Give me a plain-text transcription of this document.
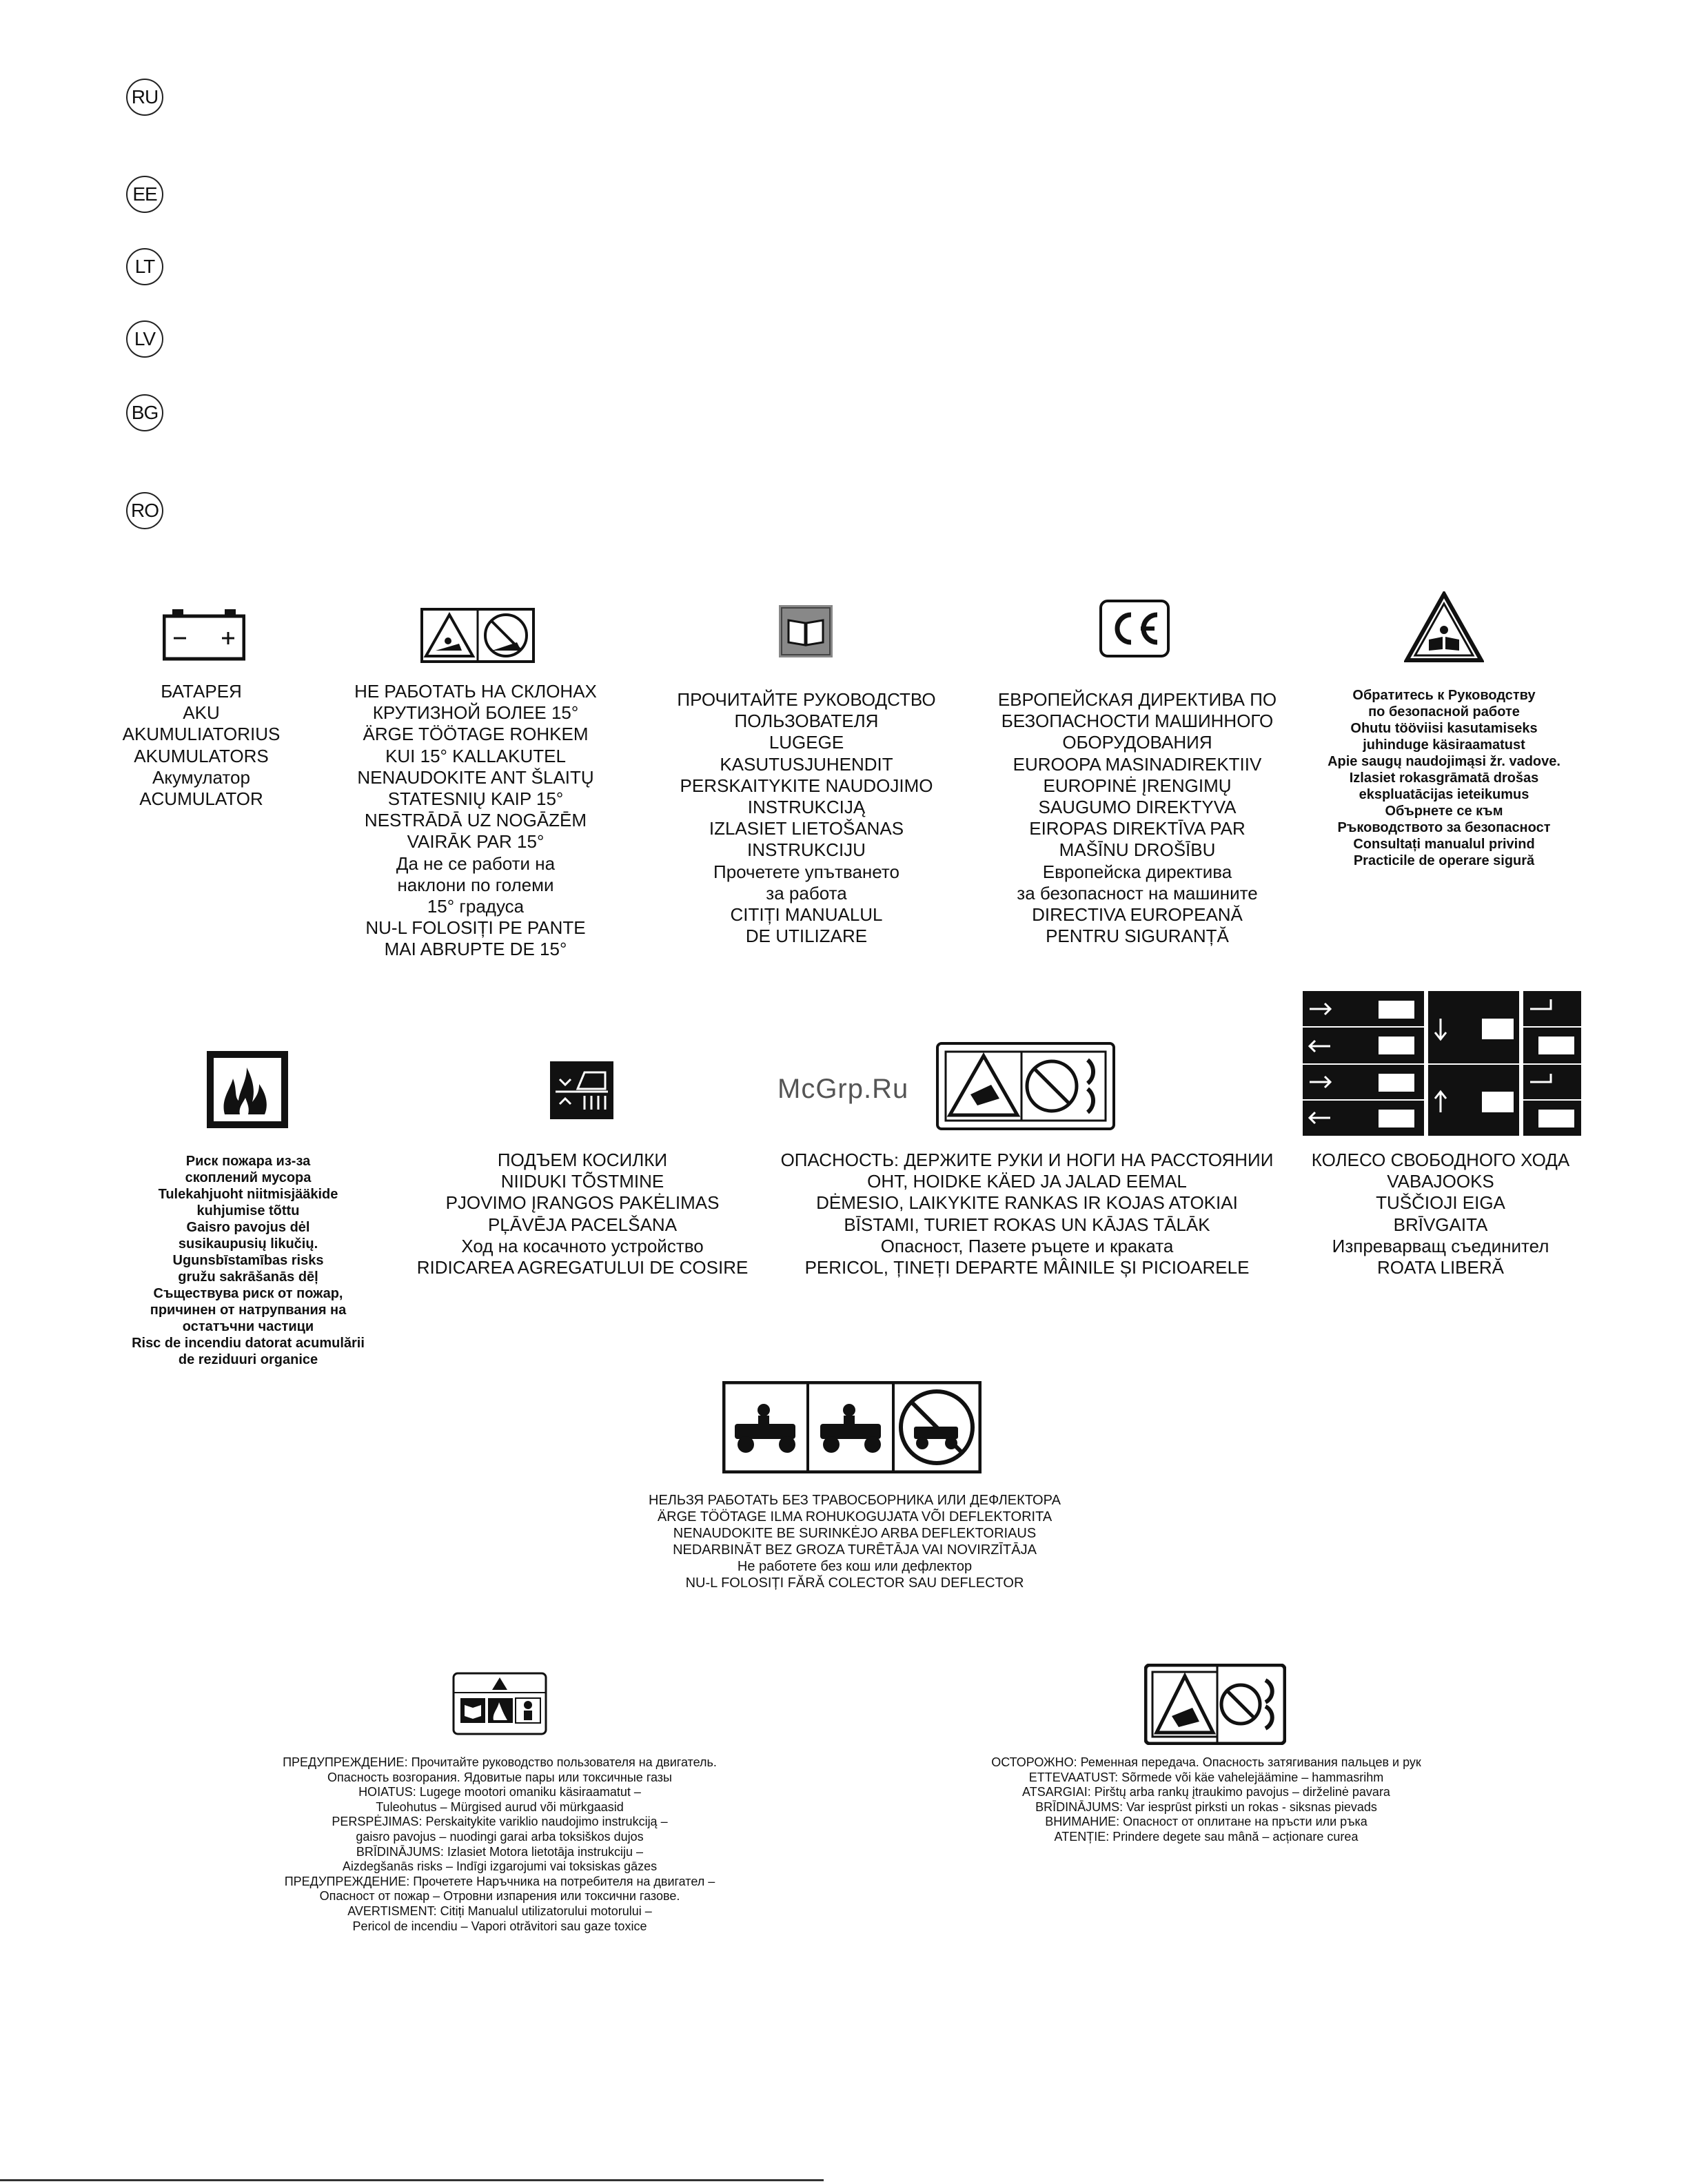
RU
EE
LT
LV
BG
RO
БАТАРЕЯ
AKU
AKUMULIATORIUS
AKUMULATORS
Акумулатор
ACUMULATOR
НЕ РАБОТАТЬ НА СКЛОНАХ
КРУТИЗНОЙ БОЛЕЕ 15°
ÄRGE TÖÖTAGE ROHKEM
KUI 15° KALLAKUTEL
NENAUDOKITE ANT ŠLAITŲ
STATESNIŲ KAIP 15°
NESTRĀDĀ UZ NOGĀZĒM
VAIRĀK PAR 15°
Да не се работи на
наклони по големи
15° градуса
NU-L FOLOSIȚI PE PANTE
MAI ABRUPTE DE 15°
ПРОЧИТАЙТЕ РУКОВОДСТВО
ПОЛЬЗОВАТЕЛЯ
LUGEGE
KASUTUSJUHENDIT
PERSKAITYKITE NAUDOJIMO
INSTRUKCIJĄ
IZLASIET LIETOŠANAS
INSTRUKCIJU
Прочетете упътването
за работа
CITIȚI MANUALUL
DE UTILIZARE
ЕВРОПЕЙСКАЯ ДИРЕКТИВА ПО
БЕЗОПАСНОСТИ МАШИННОГО
ОБОРУДОВАНИЯ
EUROOPA MASINADIREKTIIV
EUROPINĖ ĮRENGIMŲ
SAUGUMO DIREKTYVA
EIROPAS DIREKTĪVA PAR
MAŠĪNU DROŠĪBU
Европейска директива
за безопасност на машините
DIRECTIVA EUROPEANĂ
PENTRU SIGURANȚĂ
Обратитесь к Руководству
по безопасной работе
Ohutu tööviisi kasutamiseks
juhinduge käsiraamatust
Apie saugų naudojimąsi žr. vadove.
Izlasiet rokasgrāmatā drošas
ekspluatācijas ieteikumus
Обърнете се към
Ръководството за безопасност
Consultați manualul privind
Practicile de operare sigură
McGrp.Ru
Риск пожара из-за
скоплений мусора
Tulekahjuoht niitmisjääkide
kuhjumise tõttu
Gaisro pavojus dėl
susikaupusių likučių.
Ugunsbīstamības risks
gružu sakrāšanās dēļ
Съществува риск от пожар,
причинен от натрупвания на
остатъчни частици
Risc de incendiu datorat acumulării
de reziduuri organice
ПОДЪЕМ КОСИЛКИ
NIIDUKI TÕSTMINE
PJOVIMO ĮRANGOS PAKĖLIMAS
PĻĀVĒJA PACELŠANA
Ход на косачното устройство
RIDICAREA AGREGATULUI DE COSIRE
ОПАСНОСТЬ: ДЕРЖИТЕ РУКИ И НОГИ НА РАССТОЯНИИ
OHT, HOIDKE KÄED JA JALAD EEMAL
DĖMESIO, LAIKYKITE RANKAS IR KOJAS ATOKIAI
BĪSTAMI, TURIET ROKAS UN KĀJAS TĀLĀK
Опасност, Пазете ръцете и краката
PERICOL, ȚINEȚI DEPARTE MÂINILE ȘI PICIOARELE
КОЛЕСО СВОБОДНОГО ХОДА
VABAJOOKS
TUŠČIOJI EIGA
BRĪVGAITA
Изпреварващ съединител
ROATA LIBERĂ
НЕЛЬЗЯ РАБОТАТЬ БЕЗ ТРАВОСБОРНИКА ИЛИ ДЕФЛЕКТОРА
ÄRGE TÖÖTAGE ILMA ROHUKOGUJATA VÕI DEFLEKTORITA
NENAUDOKITE BE SURINKĖJO ARBA DEFLEKTORIAUS
NEDARBINĀT BEZ GROZA TURĒTĀJA VAI NOVIRZĪTĀJA
Не работете без кош или дефлектор
NU-L FOLOSIȚI FĂRĂ COLECTOR SAU DEFLECTOR
ПРЕДУПРЕЖДЕНИЕ: Прочитайте руководство пользователя на двигатель.
Опасность возгорания. Ядовитые пары или токсичные газы
HOIATUS: Lugege mootori omaniku käsiraamatut –
Tuleohutus – Mürgised aurud või mürkgaasid
PERSPĖJIMAS: Perskaitykite variklio naudojimo instrukciją –
gaisro pavojus – nuodingi garai arba toksiškos dujos
BRĪDINĀJUMS: Izlasiet Motora lietotāja instrukciju –
Aizdegšanās risks – Indīgi izgarojumi vai toksiskas gāzes
ПРЕДУПРЕЖДЕНИЕ: Прочетете Наръчника на потребителя на двигател –
Опасност от пожар – Отровни изпарения или токсични газове.
AVERTISMENT: Citiți Manualul utilizatorului motorului –
Pericol de incendiu – Vapori otrăvitori sau gaze toxice
ОСТОРОЖНО: Ременная передача. Опасность затягивания пальцев и рук
ETTEVAATUST: Sõrmede või käe vahelejäämine – hammasrihm
ATSARGIAI: Pirštų arba rankų įtraukimo pavojus – dirželinė pavara
BRĪDINĀJUMS: Var iesprūst pirksti un rokas - siksnas pievads
ВНИМАНИЕ: Опасност от оплитане на пръсти или ръка
ATENȚIE: Prindere degete sau mână – acționare curea
